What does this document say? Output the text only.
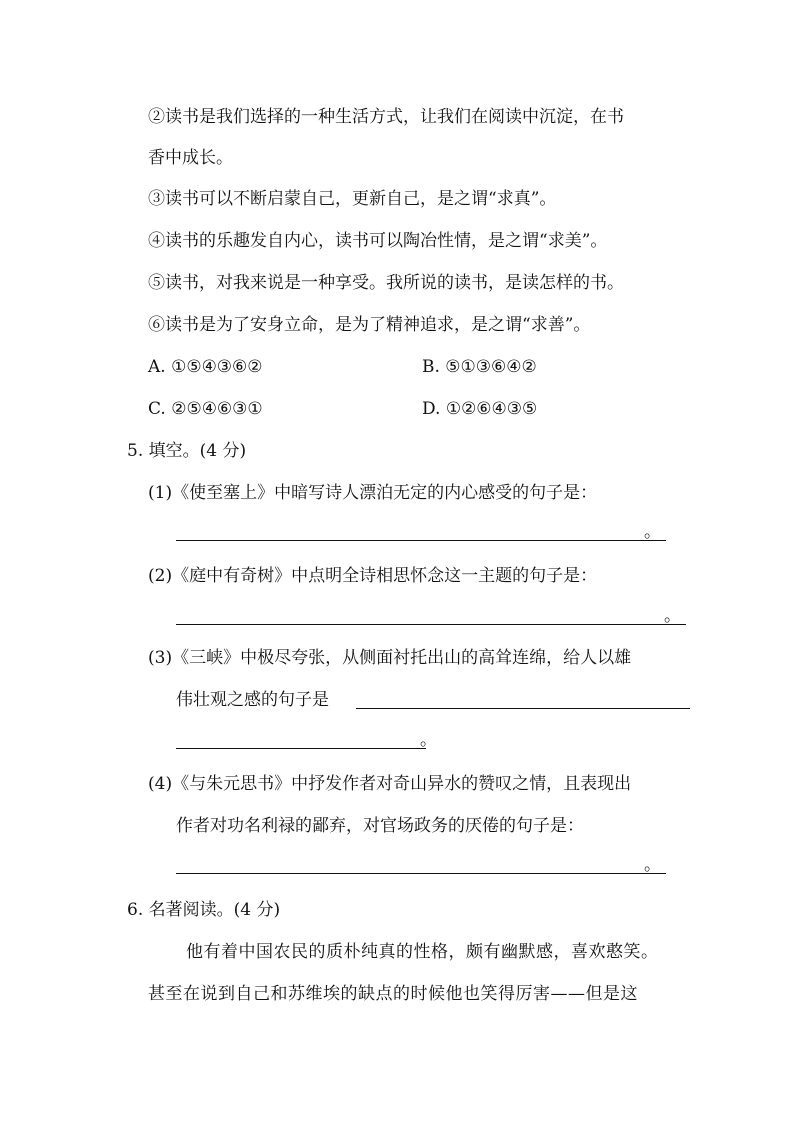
②读书是我们选择的一种生活方式，让我们在阅读中沉淀，在书
香中成长。
③读书可以不断启蒙自己，更新自己，是之谓“求真”。
④读书的乐趣发自内心，读书可以陶冶性情，是之谓“求美”。
⑤读书，对我来说是一种享受。我所说的读书，是读怎样的书。
⑥读书是为了安身立命，是为了精神追求，是之谓“求善”。
A. ①⑤④③⑥②	B. ⑤①③⑥④②
C. ②⑤④⑥③①	D. ①②⑥④③⑤
5. 填空。(4 分)
(1)《使至塞上》中暗写诗人漂泊无定的内心感受的句子是：
。
(2)《庭中有奇树》中点明全诗相思怀念这一主题的句子是：
。
(3)《三峡》中极尽夸张，从侧面衬托出山的高耸连绵，给人以雄
伟壮观之感的句子是
。
(4)《与朱元思书》中抒发作者对奇山异水的赞叹之情，且表现出
作者对功名利禄的鄙弃，对官场政务的厌倦的句子是：
。
6. 名著阅读。(4 分)
他有着中国农民的质朴纯真的性格，颇有幽默感，喜欢憨笑。
甚至在说到自己和苏维埃的缺点的时候他也笑得厉害——但是这
